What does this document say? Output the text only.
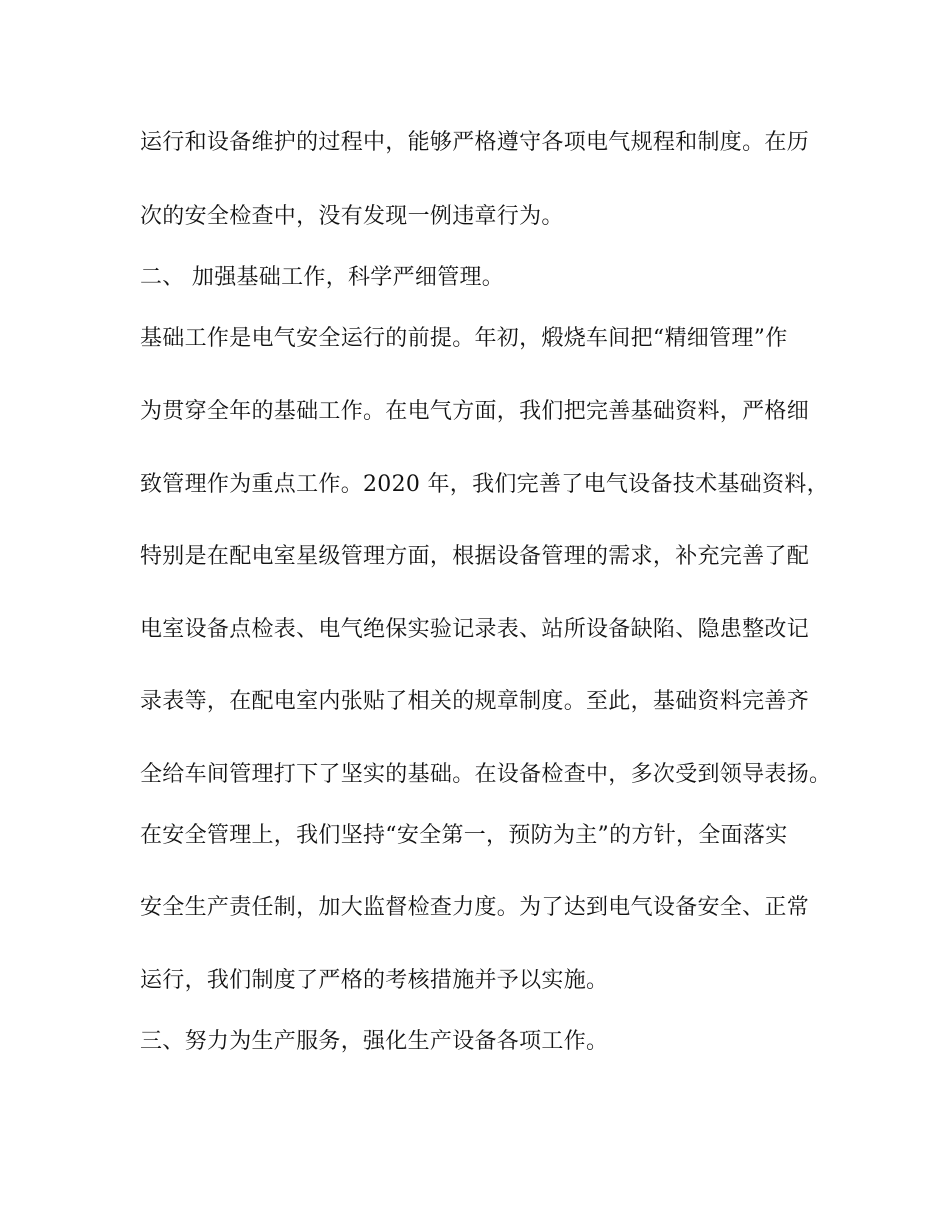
运行和设备维护的过程中，能够严格遵守各项电气规程和制度。在历
次的安全检查中，没有发现一例违章行为。
二、 加强基础工作，科学严细管理。
基础工作是电气安全运行的前提。年初，煅烧车间把“精细管理”作
为贯穿全年的基础工作。在电气方面，我们把完善基础资料，严格细
致管理作为重点工作。2020 年，我们完善了电气设备技术基础资料，
特别是在配电室星级管理方面，根据设备管理的需求，补充完善了配
电室设备点检表、电气绝保实验记录表、站所设备缺陷、隐患整改记
录表等，在配电室内张贴了相关的规章制度。至此，基础资料完善齐
全给车间管理打下了坚实的基础。在设备检查中，多次受到领导表扬。
在安全管理上，我们坚持“安全第一，预防为主”的方针，全面落实
安全生产责任制，加大监督检查力度。为了达到电气设备安全、正常
运行，我们制度了严格的考核措施并予以实施。
三、努力为生产服务，强化生产设备各项工作。
